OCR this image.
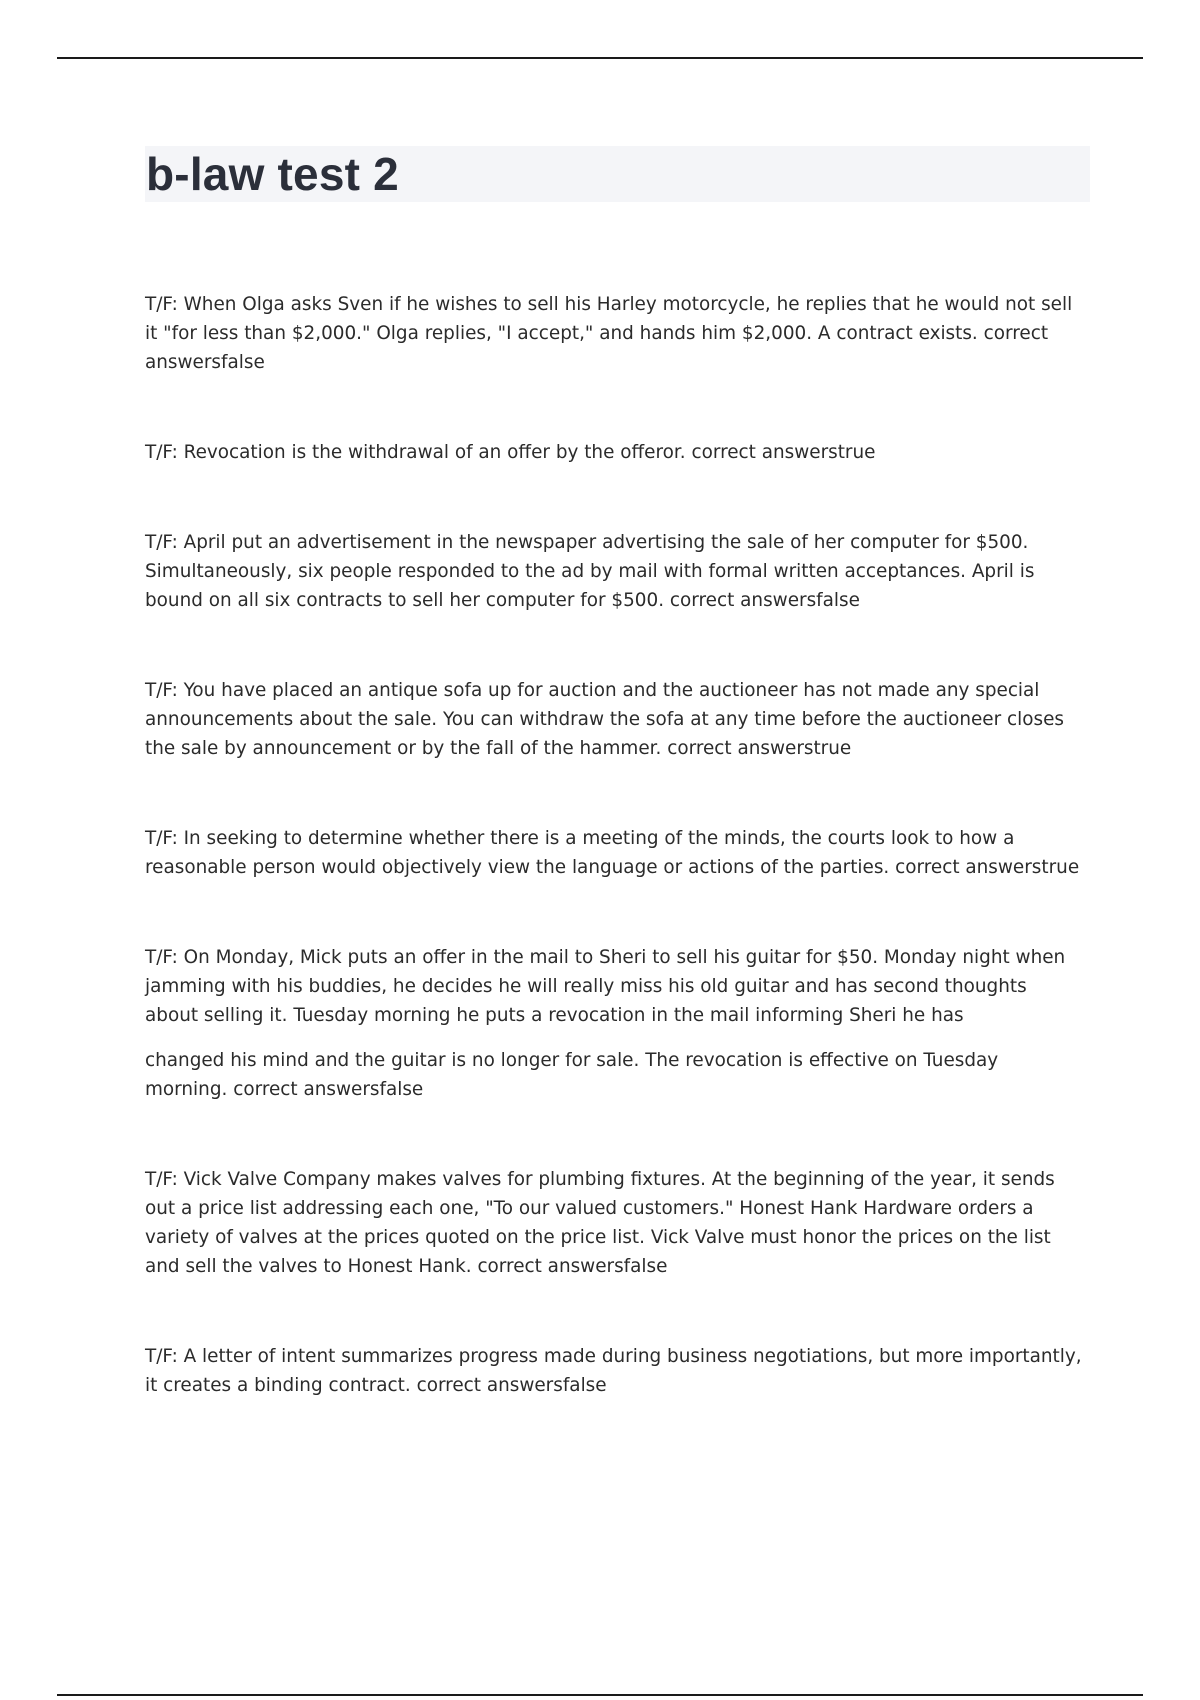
b-law test 2

T/F: When Olga asks Sven if he wishes to sell his Harley motorcycle, he replies that he would not sell it "for less than $2,000." Olga replies, "I accept," and hands him $2,000. A contract exists. correct answersfalse

T/F: Revocation is the withdrawal of an offer by the offeror. correct answerstrue

T/F: April put an advertisement in the newspaper advertising the sale of her computer for $500. Simultaneously, six people responded to the ad by mail with formal written acceptances. April is bound on all six contracts to sell her computer for $500. correct answersfalse

T/F: You have placed an antique sofa up for auction and the auctioneer has not made any special announcements about the sale. You can withdraw the sofa at any time before the auctioneer closes the sale by announcement or by the fall of the hammer. correct answerstrue

T/F: In seeking to determine whether there is a meeting of the minds, the courts look to how a reasonable person would objectively view the language or actions of the parties. correct answerstrue

T/F: On Monday, Mick puts an offer in the mail to Sheri to sell his guitar for $50. Monday night when jamming with his buddies, he decides he will really miss his old guitar and has second thoughts about selling it. Tuesday morning he puts a revocation in the mail informing Sheri he has

changed his mind and the guitar is no longer for sale. The revocation is effective on Tuesday morning. correct answersfalse

T/F: Vick Valve Company makes valves for plumbing fixtures. At the beginning of the year, it sends out a price list addressing each one, "To our valued customers." Honest Hank Hardware orders a variety of valves at the prices quoted on the price list. Vick Valve must honor the prices on the list and sell the valves to Honest Hank. correct answersfalse

T/F: A letter of intent summarizes progress made during business negotiations, but more importantly, it creates a binding contract. correct answersfalse
